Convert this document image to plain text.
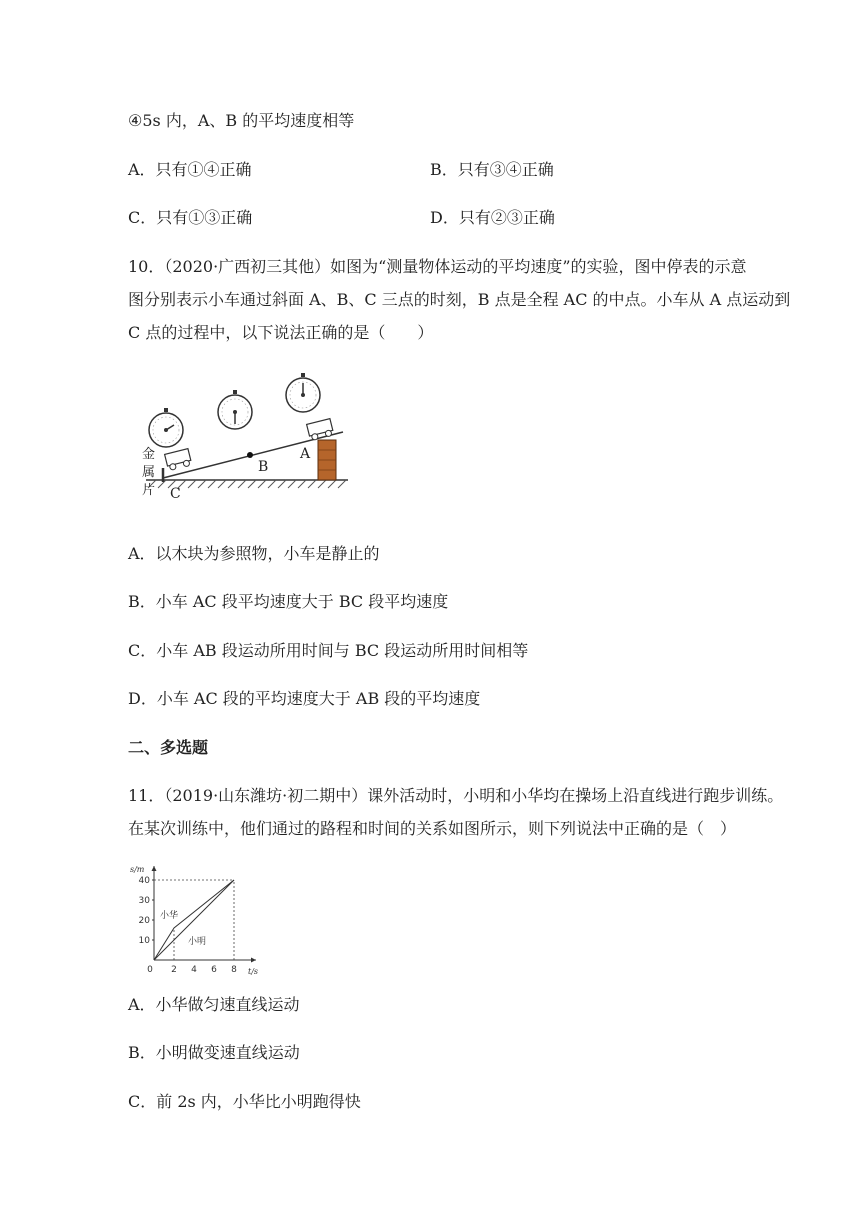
④5s 内，A、B 的平均速度相等
A．只有①④正确	B．只有③④正确
C．只有①③正确	D．只有②③正确
10．（2020·广西初三其他）如图为“测量物体运动的平均速度”的实验，图中停表的示意
图分别表示小车通过斜面 A、B、C 三点的时刻，B 点是全程 AC 的中点。小车从 A 点运动到
C 点的过程中，以下说法正确的是（　　）
金
属
片
B
A
C
A．以木块为参照物，小车是静止的
B．小车 AC 段平均速度大于 BC 段平均速度
C．小车 AB 段运动所用时间与 BC 段运动所用时间相等
D．小车 AC 段的平均速度大于 AB 段的平均速度
二、多选题
11．（2019·山东潍坊·初二期中）课外活动时，小明和小华均在操场上沿直线进行跑步训练。
在某次训练中，他们通过的路程和时间的关系如图所示，则下列说法中正确的是（　）
0 2 4 6 8
10
20
30
40
t/s
s/m
小华
小明
A．小华做匀速直线运动
B．小明做变速直线运动
C．前 2s 内，小华比小明跑得快
